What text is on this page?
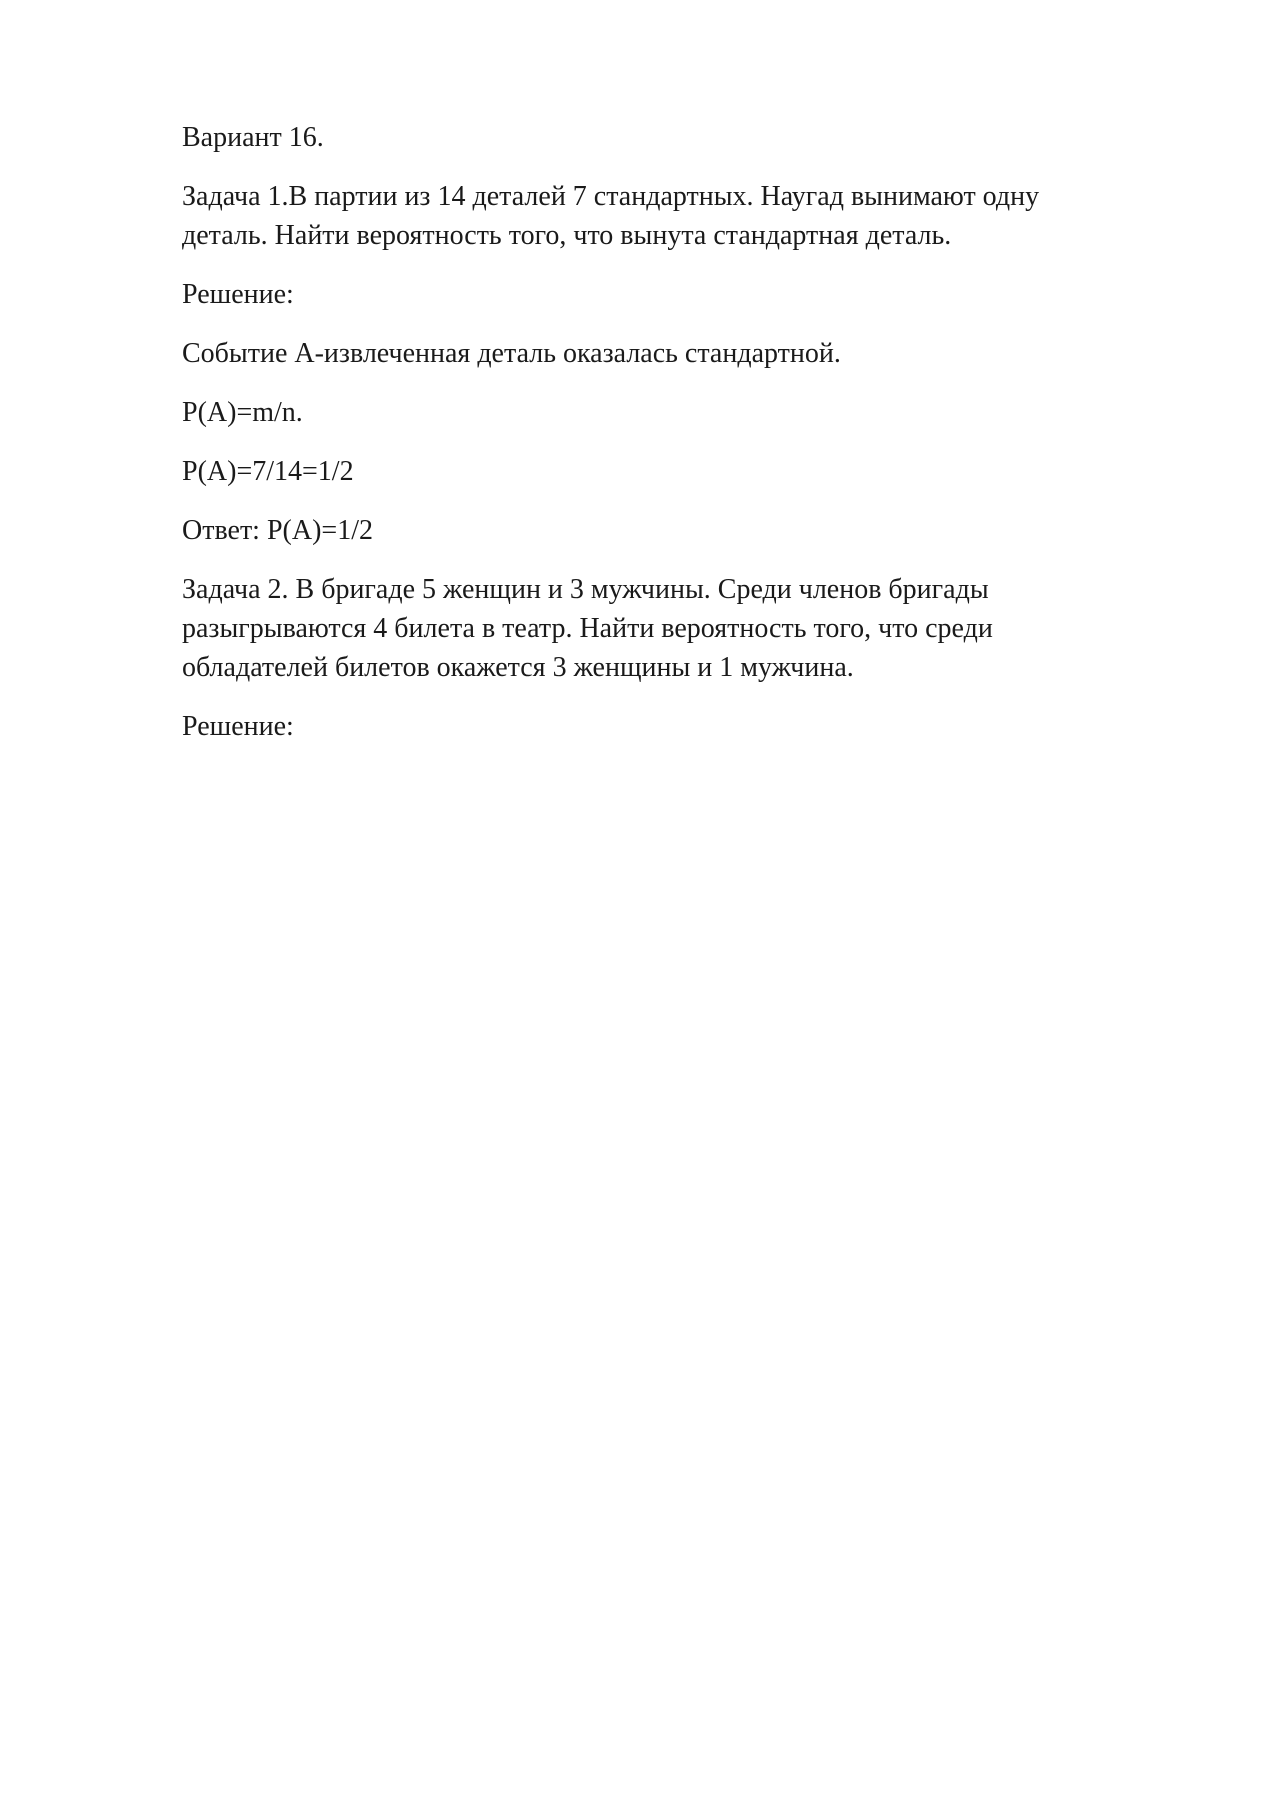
Вариант 16.

Задача 1.В партии из 14 деталей 7 стандартных. Наугад вынимают одну деталь. Найти вероятность того, что вынута стандартная деталь.

Решение:

Событие А-извлеченная деталь оказалась стандартной.

Р(А)=m/n.

Р(А)=7/14=1/2

Ответ: Р(А)=1/2

Задача 2. В бригаде 5 женщин и 3 мужчины. Среди членов бригады разыгрываются 4 билета в театр. Найти вероятность того, что среди обладателей билетов окажется 3 женщины и 1 мужчина.

Решение:
